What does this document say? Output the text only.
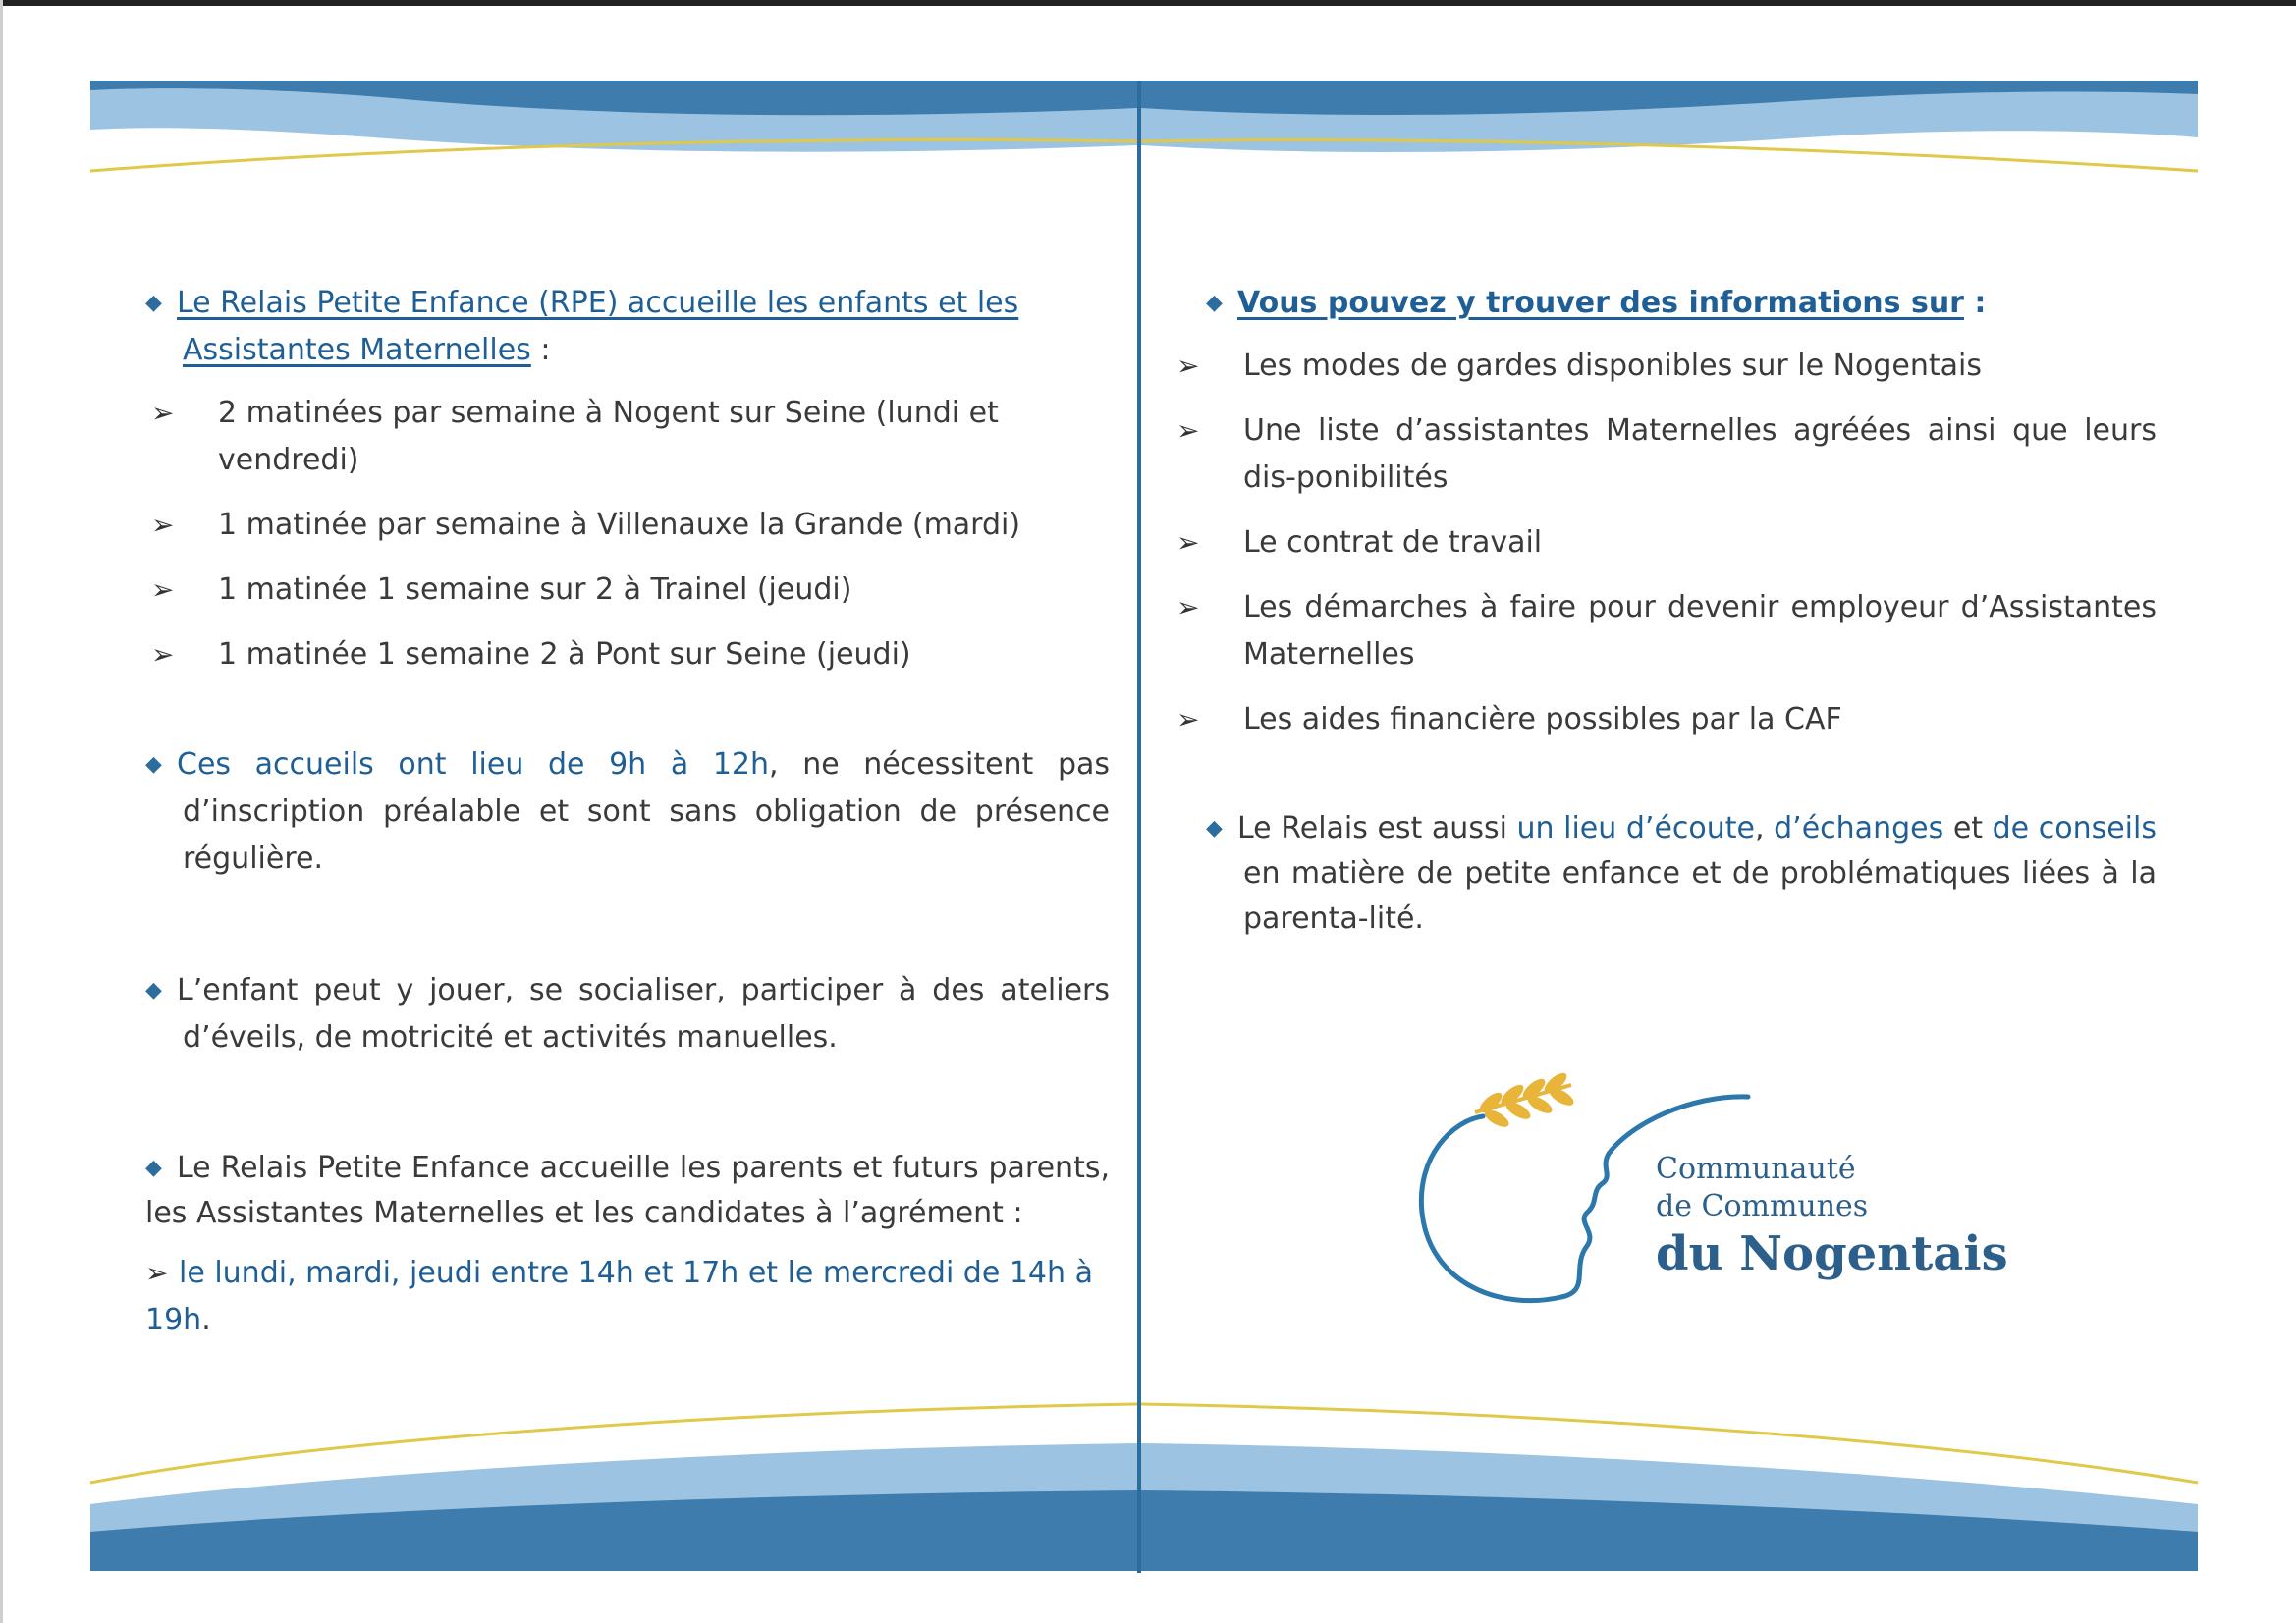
◆ Le Relais Petite Enfance (RPE) accueille les enfants et les Assistantes Maternelles :
➢ 2 matinées par semaine à Nogent sur Seine (lundi et vendredi)
➢ 1 matinée par semaine à Villenauxe la Grande (mardi)
➢ 1 matinée 1 semaine sur 2 à Trainel (jeudi)
➢ 1 matinée 1 semaine 2 à Pont sur Seine (jeudi)
◆ Ces accueils ont lieu de 9h à 12h, ne nécessitent pas d’inscription préalable et sont sans obligation de présence régulière.
◆ L’enfant peut y jouer, se socialiser, participer à des ateliers d’éveils, de motricité et activités manuelles.
◆ Le Relais Petite Enfance accueille les parents et futurs parents, les Assistantes Maternelles et les candidates à l’agrément :
➢ le lundi, mardi, jeudi entre 14h et 17h et le mercredi de 14h à 19h.
◆ Vous pouvez y trouver des informations sur :
➢ Les modes de gardes disponibles sur le Nogentais
➢ Une liste d’assistantes Maternelles agréées ainsi que leurs dis-ponibilités
➢ Le contrat de travail
➢ Les démarches à faire pour devenir employeur d’Assistantes Maternelles
➢ Les aides financière possibles par la CAF
◆ Le Relais est aussi un lieu d’écoute, d’échanges et de conseils en matière de petite enfance et de problématiques liées à la parenta-lité.
Communauté
de Communes
du Nogentais
